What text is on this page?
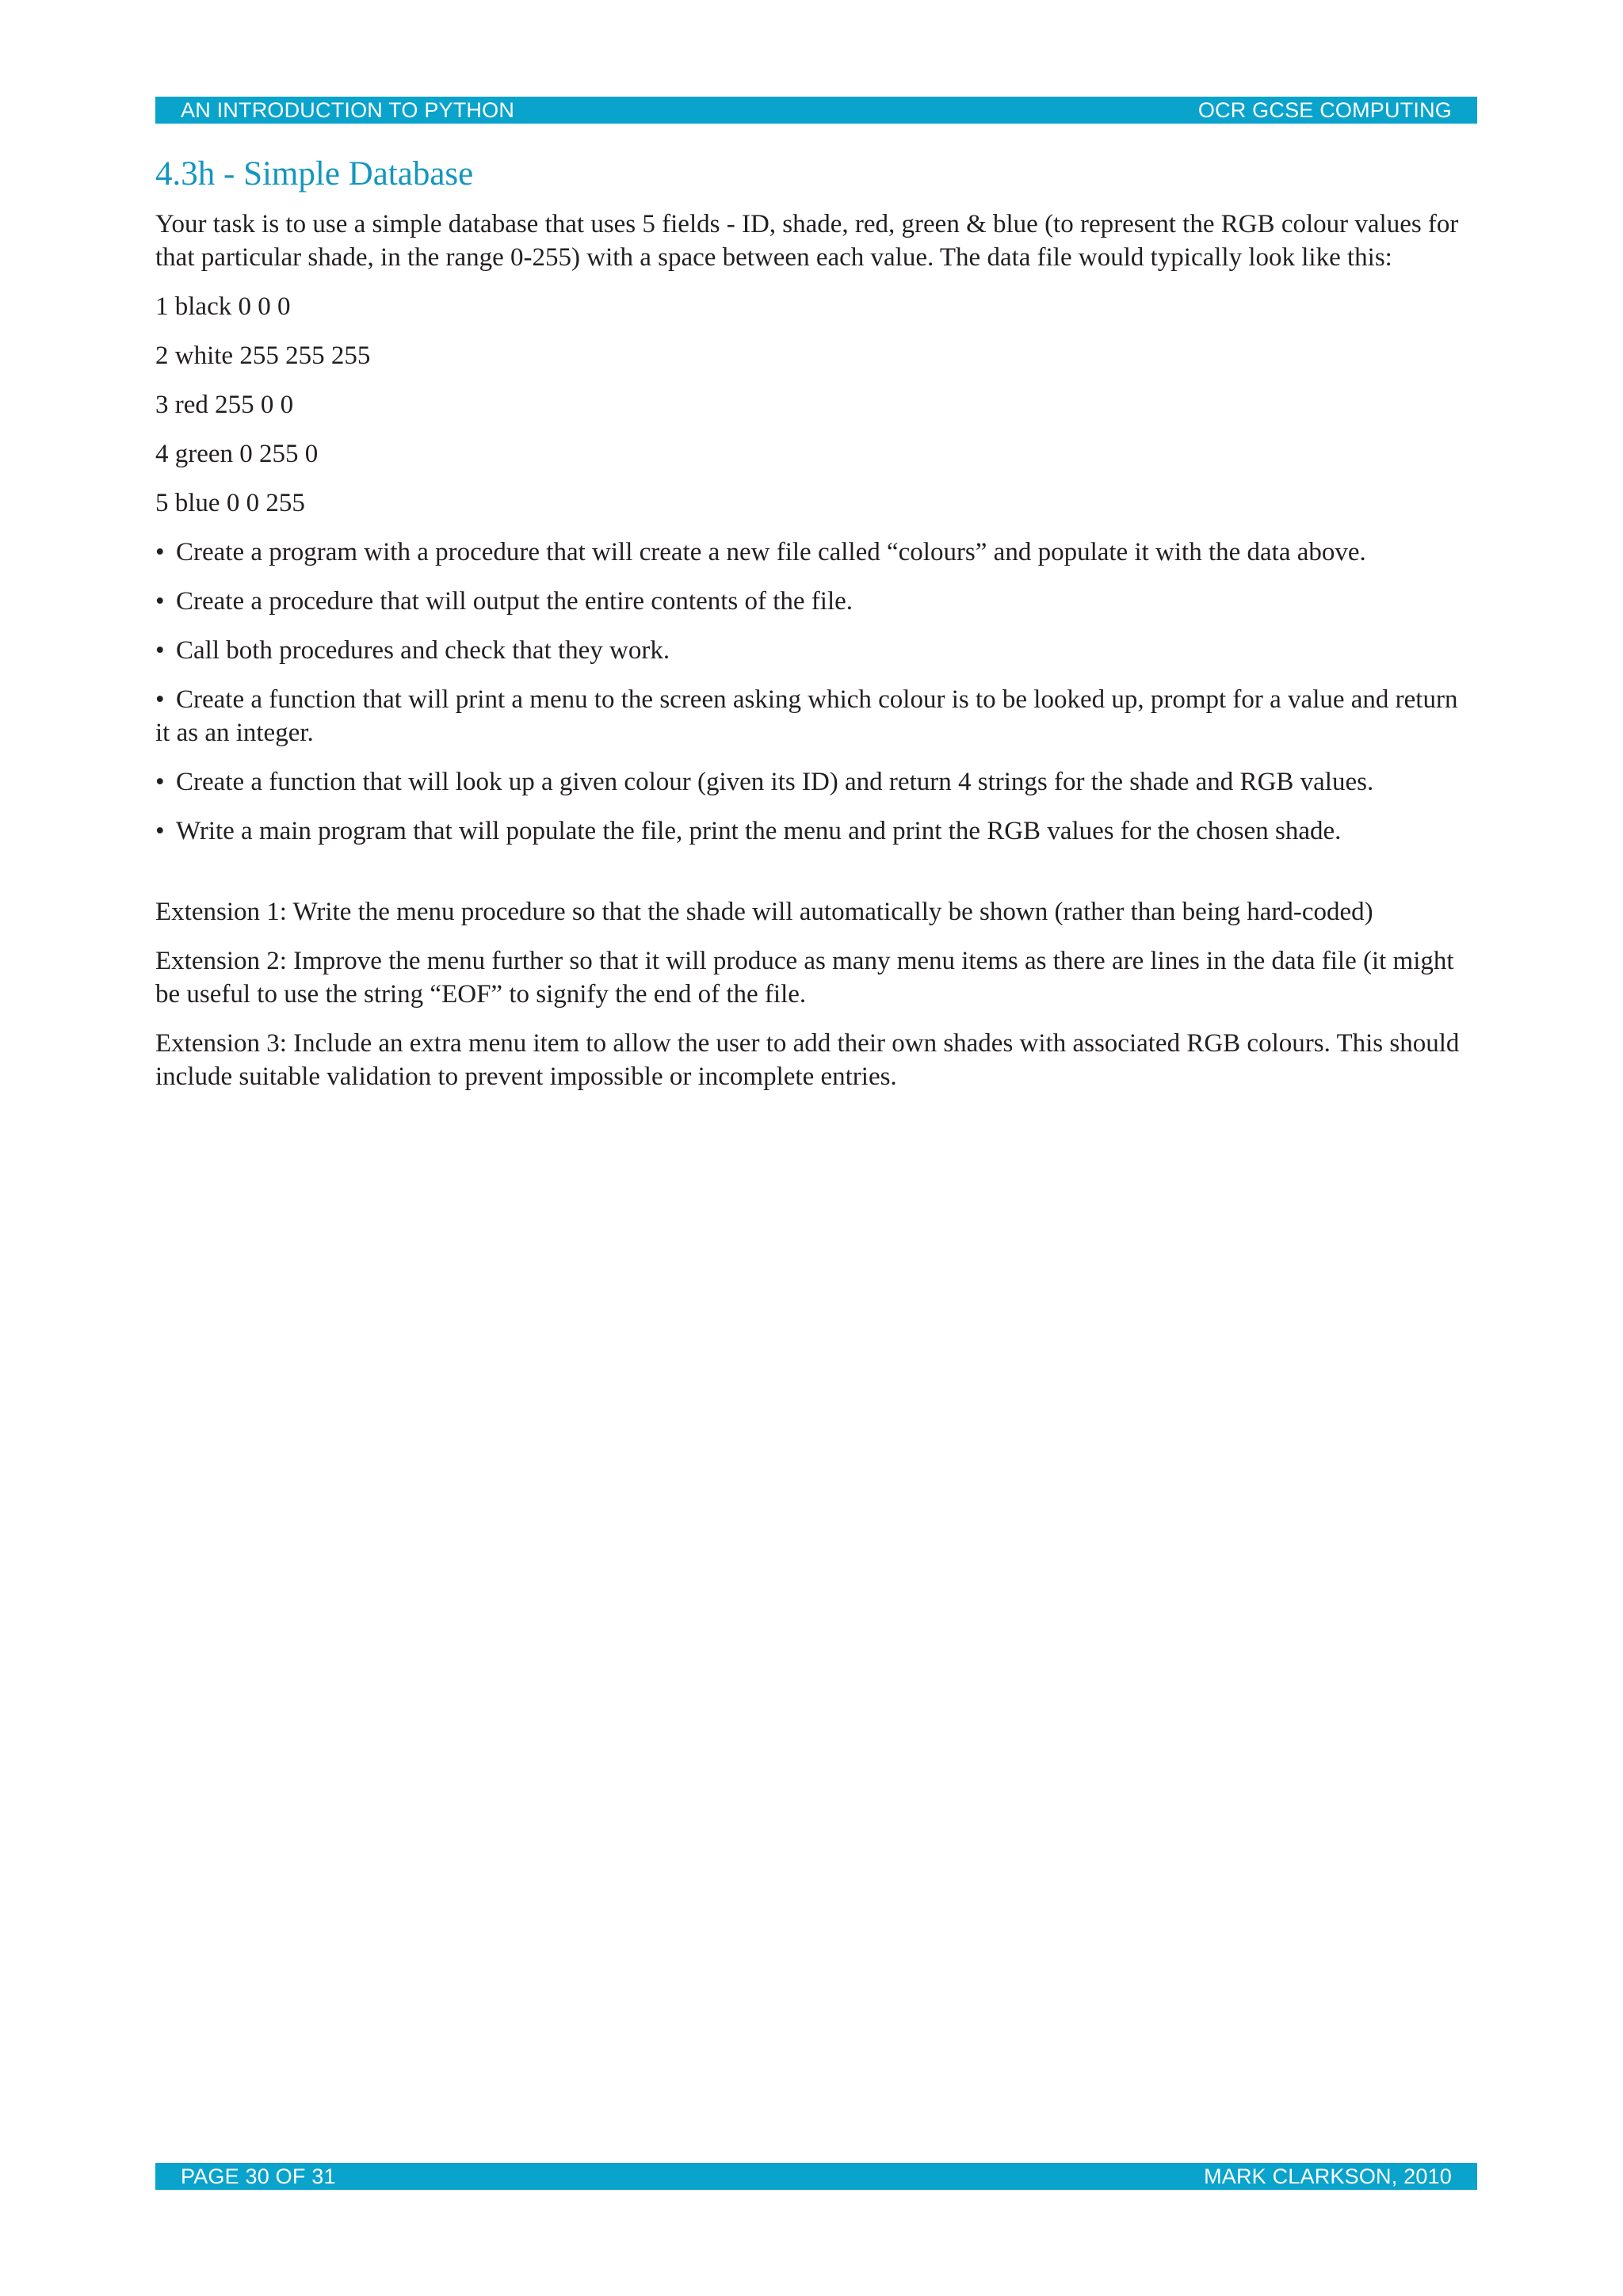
AN INTRODUCTION TO PYTHON	OCR GCSE COMPUTING
4.3h - Simple Database

Your task is to use a simple database that uses 5 fields - ID, shade, red, green & blue (to represent the RGB colour values for that particular shade, in the range 0-255) with a space between each value. The data file would typically look like this:

1 black 0 0 0

2 white 255 255 255

3 red 255 0 0

4 green 0 255 0

5 blue 0 0 255

• Create a program with a procedure that will create a new file called “colours” and populate it with the data above.

• Create a procedure that will output the entire contents of the file.

• Call both procedures and check that they work.

• Create a function that will print a menu to the screen asking which colour is to be looked up, prompt for a value and return it as an integer.

• Create a function that will look up a given colour (given its ID) and return 4 strings for the shade and RGB values.

• Write a main program that will populate the file, print the menu and print the RGB values for the chosen shade.

Extension 1: Write the menu procedure so that the shade will automatically be shown (rather than being hard-coded)

Extension 2: Improve the menu further so that it will produce as many menu items as there are lines in the data file (it might be useful to use the string “EOF” to signify the end of the file.

Extension 3: Include an extra menu item to allow the user to add their own shades with associated RGB colours. This should include suitable validation to prevent impossible or incomplete entries.

PAGE 30 OF 31	MARK CLARKSON, 2010
